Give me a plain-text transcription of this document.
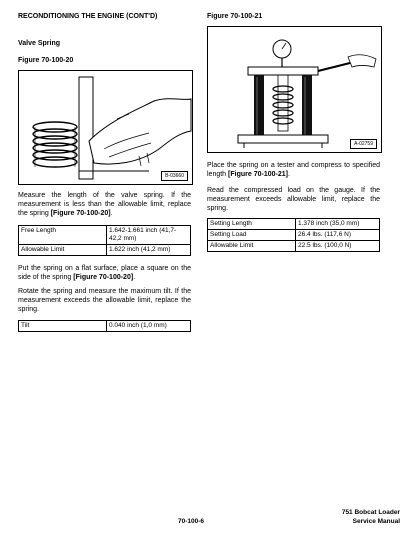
RECONDITIONING THE ENGINE (CONT'D)
Valve Spring
Figure 70-100-20
B-03660
Measure the length of the valve spring. If the measurement is less than the allowable limit, replace the spring [Figure 70-100-20].
Free Length	1.642-1.661 inch (41,7-42,2 mm)
Allowable Limit	1.622 inch (41,2 mm)
Put the spring on a flat surface, place a square on the side of the spring [Figure 70-100-20].
Rotate the spring and measure the maximum tilt. If the measurement exceeds the allowable limit, replace the spring.
Tilt	0.040 inch (1,0 mm)
Figure 70-100-21
A-02759
Place the spring on a tester and compress to specified length [Figure 70-100-21].
Read the compressed load on the gauge. If the measurement exceeds allowable limit, replace the spring.
Setting Length	1.378 inch (35,0 mm)
Setting Load	26.4 lbs. (117,6 N)
Allowable Limit	22.5 lbs. (100,0 N)
70-100-6
751 Bobcat Loader
Service Manual
